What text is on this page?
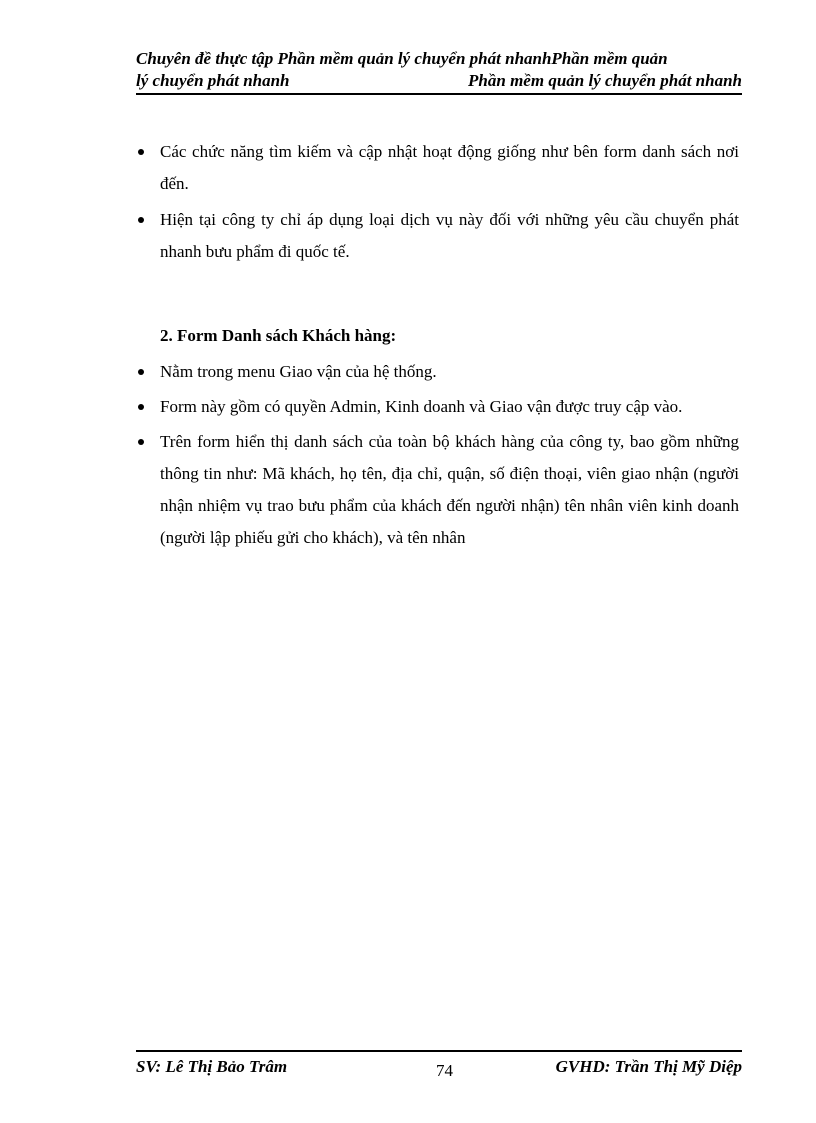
Chuyên đề thực tập Phần mềm quản lý chuyển phát nhanhPhần mềm quản
lý chuyển phát nhanh	Phần mềm quản lý chuyển phát nhanh
Các chức năng tìm kiếm và cập nhật hoạt động giống như bên form danh sách nơi đến.
Hiện tại công ty chỉ áp dụng loại dịch vụ này đối với những yêu cầu chuyển phát nhanh bưu phẩm đi quốc tế.
2. Form Danh sách Khách hàng:
Nằm trong menu Giao vận của hệ thống.
Form này gồm có quyền Admin, Kinh doanh và Giao vận được truy cập vào.
Trên form hiển thị danh sách của toàn bộ khách hàng của công ty, bao gồm những thông tin như: Mã khách, họ tên, địa chỉ, quận, số điện thoại, viên giao nhận (người nhận nhiệm vụ trao bưu phẩm của khách đến người nhận) tên nhân viên kinh doanh (người lập phiếu gửi cho khách), và tên nhân
SV: Lê Thị Bảo Trâm	74	GVHD: Trần Thị Mỹ Diệp
